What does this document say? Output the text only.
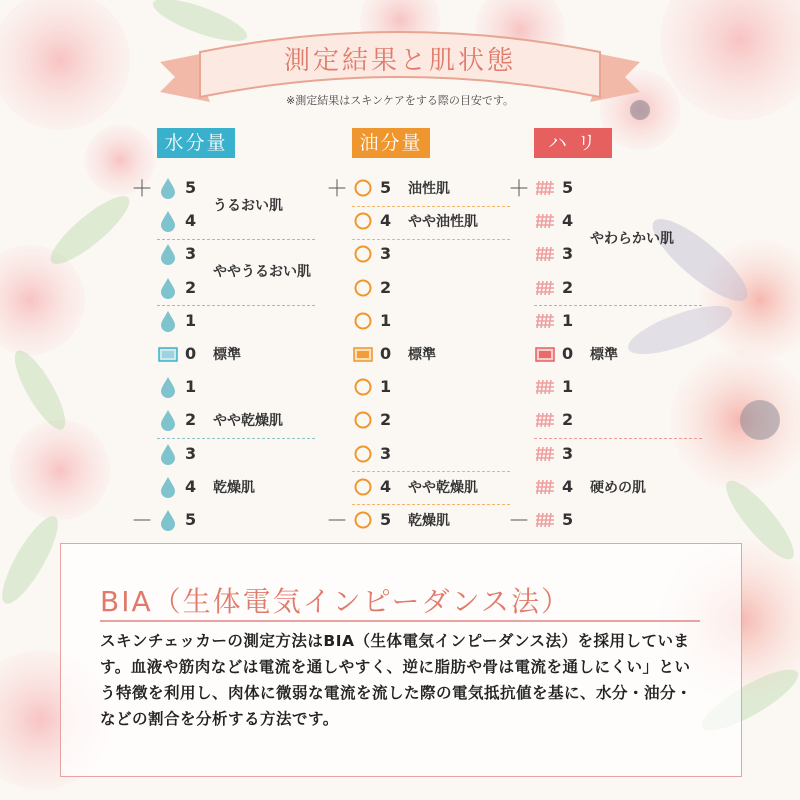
測定結果と肌状態
※測定結果はスキンケアをする際の目安です。
水分量
5
4
3
2
1
0
1
2
3
4
5
＋
－
うるおい肌
ややうるおい肌
標準
やや乾燥肌
乾燥肌
油分量
5
4
3
2
1
0
1
2
3
4
5
＋
－
油性肌
やや油性肌
標準
やや乾燥肌
乾燥肌
ハ リ
5
4
3
2
1
0
1
2
3
4
5
＋
－
やわらかい肌
標準
硬めの肌
BIA（生体電気インピーダンス法）
スキンチェッカーの測定方法はBIA（生体電気インピーダンス法）を採用しています。血液や筋肉などは電流を通しやすく、逆に脂肪や骨は電流を通しにくい」という特徴を利用し、肉体に微弱な電流を流した際の電気抵抗値を基に、水分・油分・などの割合を分析する方法です。
